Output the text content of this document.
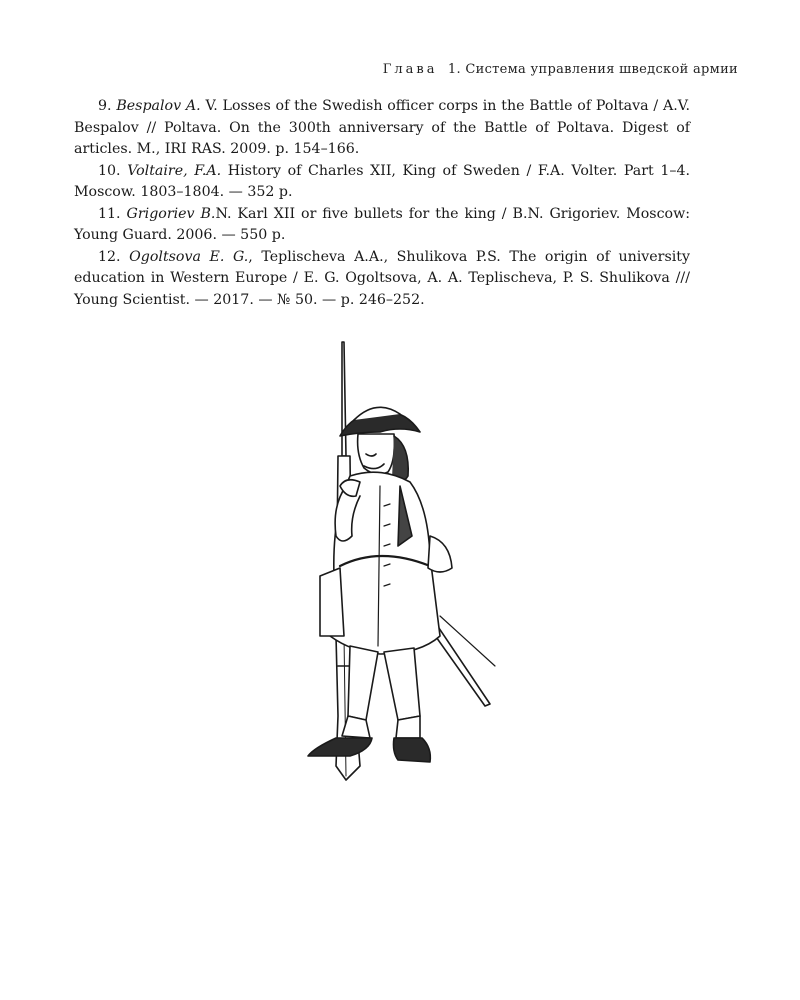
Глава 1. Система управления шведской армии

9. Bespalov A. V. Losses of the Swedish officer corps in the Battle of Poltava / A.V. Bespalov // Poltava. On the 300th anniversary of the Battle of Poltava. Digest of articles. M., IRI RAS. 2009. p. 154–166.

10. Voltaire, F.A. History of Charles XII, King of Sweden / F.A. Volter. Part 1–4. Moscow. 1803–1804. — 352 p.

11. Grigoriev B.N. Karl XII or five bullets for the king / B.N. Grigoriev. Moscow: Young Guard. 2006. — 550 p.

12. Ogoltsova E. G., Teplischeva A.A., Shulikova P.S. The origin of university education in Western Europe / E. G. Ogoltsova, A. A. Teplischeva, P. S. Shulikova /// Young Scientist. — 2017. — № 50. — p. 246–252.
